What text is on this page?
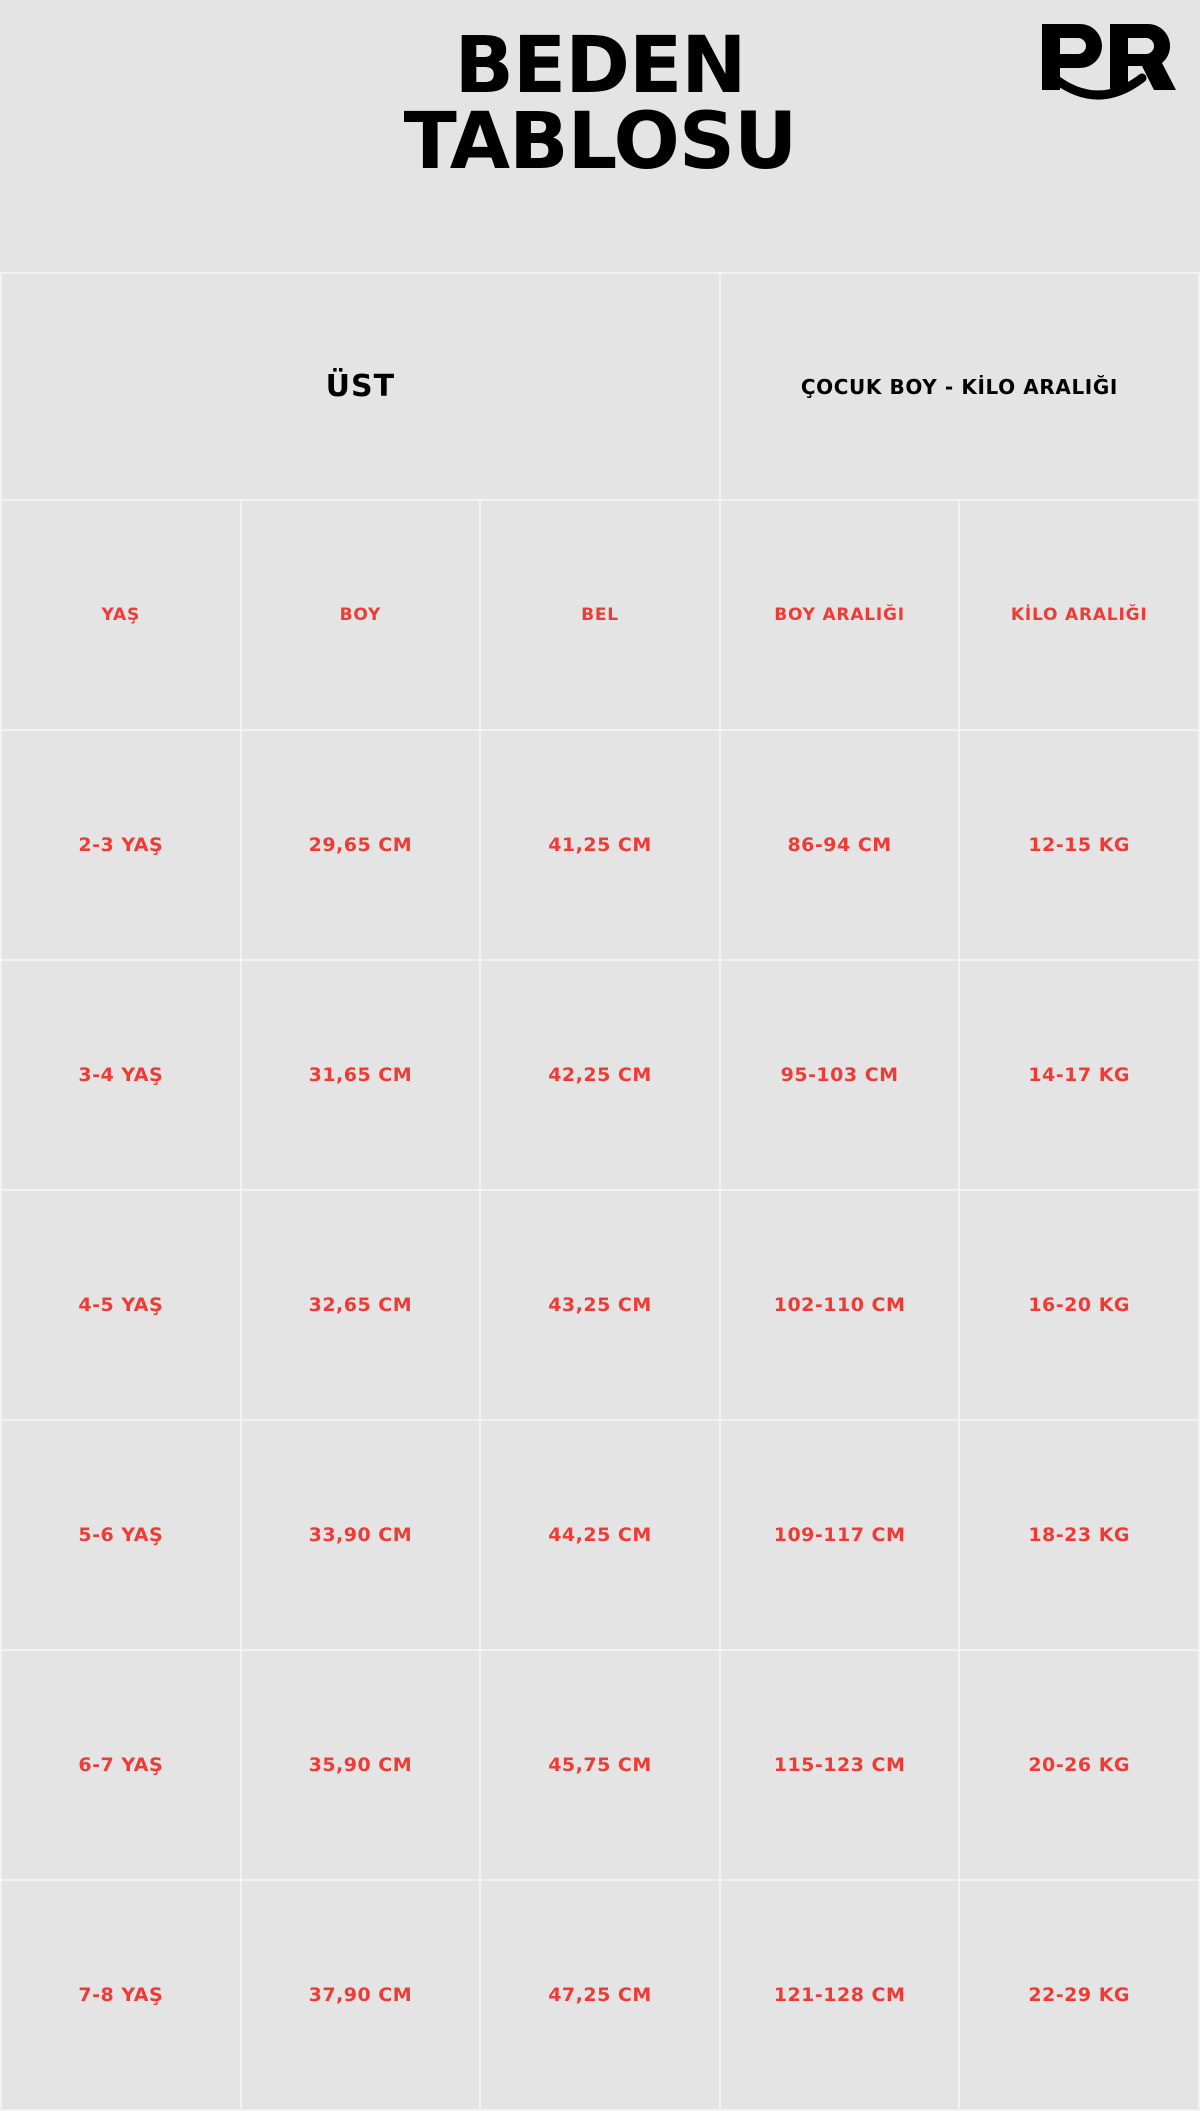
BEDEN
TABLOSU
ÜST			ÇOCUK BOY - KİLO ARALIĞI	
YAŞ	BOY	BEL	BOY ARALIĞI	KİLO ARALIĞI
2-3 YAŞ	29,65 CM	41,25 CM	86-94 CM	12-15 KG
3-4 YAŞ	31,65 CM	42,25 CM	95-103 CM	14-17 KG
4-5 YAŞ	32,65 CM	43,25 CM	102-110 CM	16-20 KG
5-6 YAŞ	33,90 CM	44,25 CM	109-117 CM	18-23 KG
6-7 YAŞ	35,90 CM	45,75 CM	115-123 CM	20-26 KG
7-8 YAŞ	37,90 CM	47,25 CM	121-128 CM	22-29 KG
